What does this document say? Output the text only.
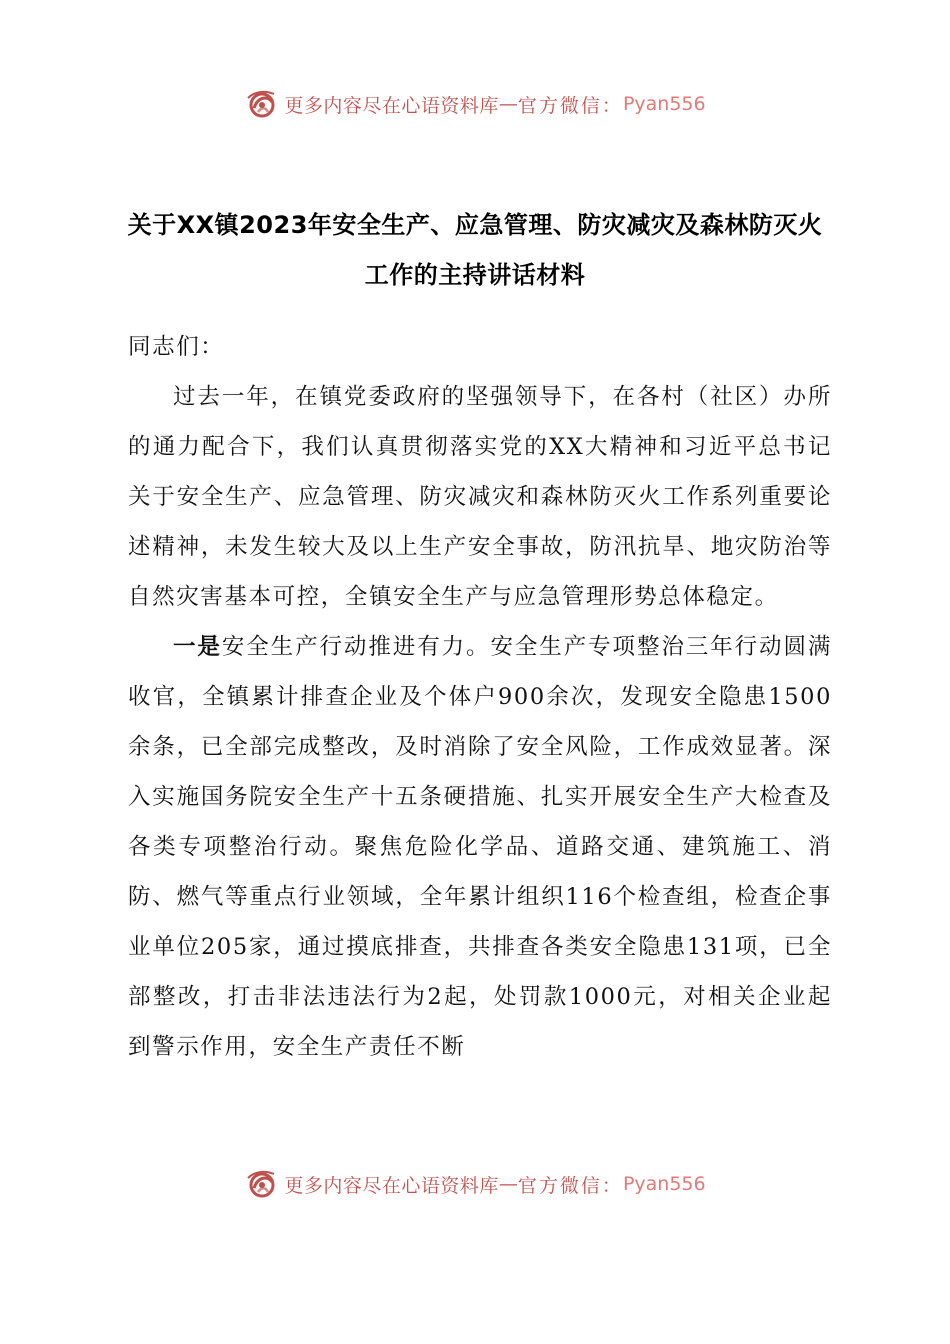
更多内容尽在心语资料库 — 官方微信： Pyan556
关于XX镇2023年安全生产、应急管理、防灾减灾及森林防灭火工作的主持讲话材料

同志们：

过去一年，在镇党委政府的坚强领导下，在各村（社区）办所的通力配合下，我们认真贯彻落实党的XX大精神和习近平总书记关于安全生产、应急管理、防灾减灾和森林防灭火工作系列重要论述精神，未发生较大及以上生产安全事故，防汛抗旱、地灾防治等自然灾害基本可控，全镇安全生产与应急管理形势总体稳定。

一是安全生产行动推进有力。安全生产专项整治三年行动圆满收官，全镇累计排查企业及个体户900余次，发现安全隐患1500余条，已全部完成整改，及时消除了安全风险，工作成效显著。深入实施国务院安全生产十五条硬措施、扎实开展安全生产大检查及各类专项整治行动。聚焦危险化学品、道路交通、建筑施工、消防、燃气等重点行业领域，全年累计组织116个检查组，检查企事业单位205家，通过摸底排查，共排查各类安全隐患131项，已全部整改，打击非法违法行为2起，处罚款1000元，对相关企业起到警示作用，安全生产责任不断

更多内容尽在心语资料库 — 官方微信： Pyan556
